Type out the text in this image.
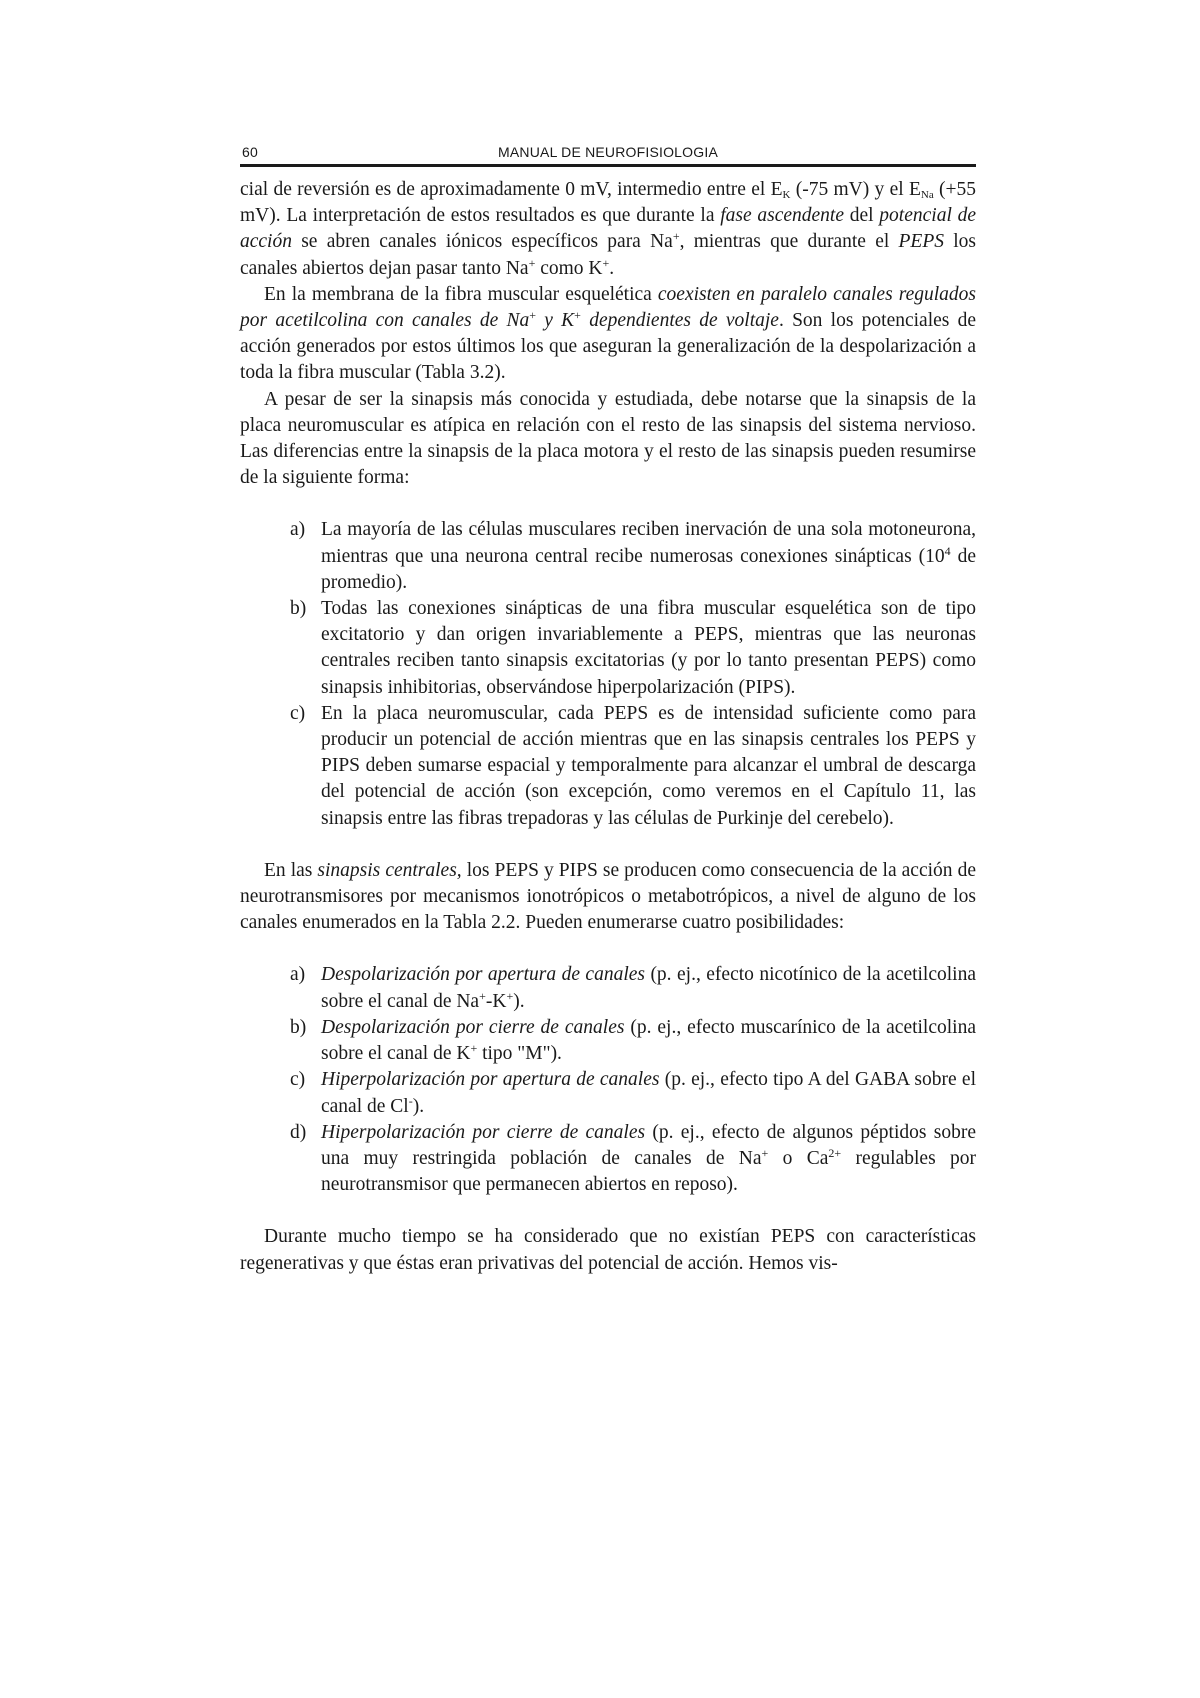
60	MANUAL DE NEUROFISIOLOGIA

cial de reversión es de aproximadamente 0 mV, intermedio entre el $E_K$ (-75 mV) y el $E_{Na}$ (+55 mV). La interpretación de estos resultados es que durante la fase ascendente del potencial de acción se abren canales iónicos específicos para Na+, mientras que durante el PEPS los canales abiertos dejan pasar tanto Na+ como K+.

En la membrana de la fibra muscular esquelética coexisten en paralelo canales regulados por acetilcolina con canales de Na+ y K+ dependientes de voltaje. Son los potenciales de acción generados por estos últimos los que aseguran la generalización de la despolarización a toda la fibra muscular (Tabla 3.2).

A pesar de ser la sinapsis más conocida y estudiada, debe notarse que la sinapsis de la placa neuromuscular es atípica en relación con el resto de las sinapsis del sistema nervioso. Las diferencias entre la sinapsis de la placa motora y el resto de las sinapsis pueden resumirse de la siguiente forma:

a) La mayoría de las células musculares reciben inervación de una sola motoneurona, mientras que una neurona central recibe numerosas conexiones sinápticas ($10^4$ de promedio).
b) Todas las conexiones sinápticas de una fibra muscular esquelética son de tipo excitatorio y dan origen invariablemente a PEPS, mientras que las neuronas centrales reciben tanto sinapsis excitatorias (y por lo tanto presentan PEPS) como sinapsis inhibitorias, observándose hiperpolarización (PIPS).
c) En la placa neuromuscular, cada PEPS es de intensidad suficiente como para producir un potencial de acción mientras que en las sinapsis centrales los PEPS y PIPS deben sumarse espacial y temporalmente para alcanzar el umbral de descarga del potencial de acción (son excepción, como veremos en el Capítulo 11, las sinapsis entre las fibras trepadoras y las células de Purkinje del cerebelo).

En las sinapsis centrales, los PEPS y PIPS se producen como consecuencia de la acción de neurotransmisores por mecanismos ionotrópicos o metabotrópicos, a nivel de alguno de los canales enumerados en la Tabla 2.2. Pueden enumerarse cuatro posibilidades:

a) Despolarización por apertura de canales (p. ej., efecto nicotínico de la acetilcolina sobre el canal de Na+-K+).
b) Despolarización por cierre de canales (p. ej., efecto muscarínico de la acetilcolina sobre el canal de K+ tipo "M").
c) Hiperpolarización por apertura de canales (p. ej., efecto tipo A del GABA sobre el canal de Cl-).
d) Hiperpolarización por cierre de canales (p. ej., efecto de algunos péptidos sobre una muy restringida población de canales de Na+ o $Ca^{2+}$ regulables por neurotransmisor que permanecen abiertos en reposo).

Durante mucho tiempo se ha considerado que no existían PEPS con características regenerativas y que éstas eran privativas del potencial de acción. Hemos vis-
